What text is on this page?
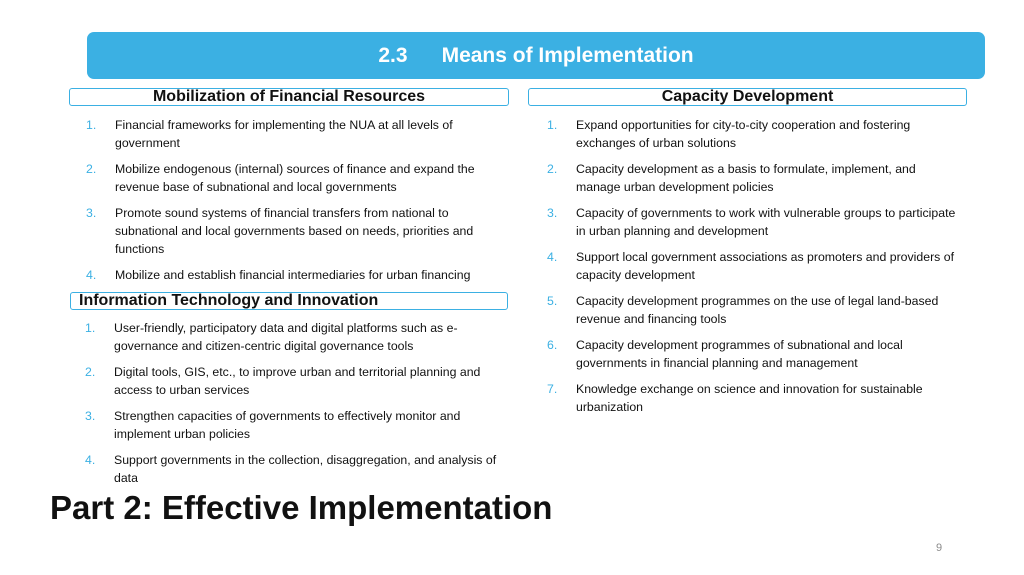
2.3 Means of Implementation
Mobilization of Financial Resources
1. Financial frameworks for implementing the NUA at all levels of government
2. Mobilize endogenous (internal) sources of finance and expand the revenue base of subnational and local governments
3. Promote sound systems of financial transfers from national to subnational and local governments based on needs, priorities and functions
4. Mobilize and establish financial intermediaries for urban financing
Information Technology and Innovation
1. User-friendly, participatory data and digital platforms such as e-governance and citizen-centric digital governance tools
2. Digital tools, GIS, etc., to improve urban and territorial planning and access to urban services
3. Strengthen capacities of governments to effectively monitor and implement urban policies
4. Support governments in the collection, disaggregation, and analysis of data
Capacity Development
1. Expand opportunities for city-to-city cooperation and fostering exchanges of urban solutions
2. Capacity development as a basis to formulate, implement, and manage urban development policies
3. Capacity of governments to work with vulnerable groups to participate in urban planning and development
4. Support local government associations as promoters and providers of capacity development
5. Capacity development programmes on the use of legal land-based revenue and financing tools
6. Capacity development programmes of subnational and local governments in financial planning and management
7. Knowledge exchange on science and innovation for sustainable urbanization
Part 2: Effective Implementation
9
